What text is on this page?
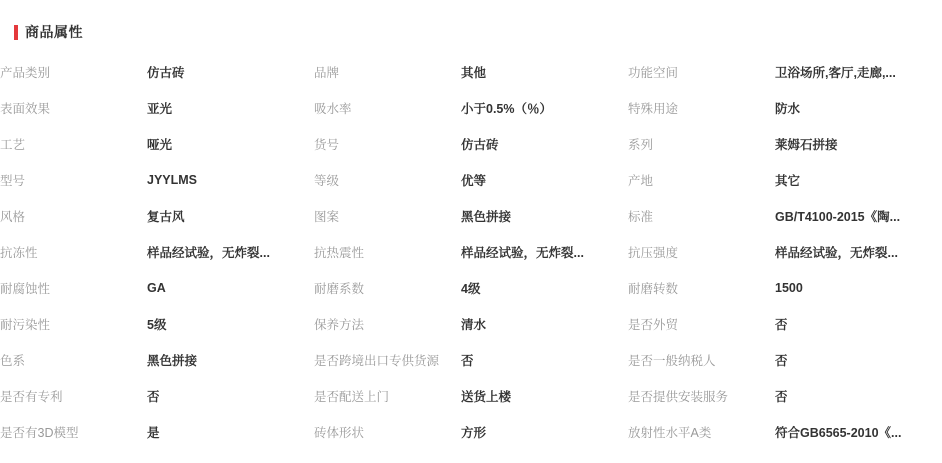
商品属性
产品类别	仿古砖	品牌	其他	功能空间	卫浴场所,客厅,走廊,...

表面效果	亚光	吸水率	小于0.5%（％）	特殊用途	防水

工艺	哑光	货号	仿古砖	系列	莱姆石拼接

型号	JYYLMS	等级	优等	产地	其它

风格	复古风	图案	黑色拼接	标准	GB/T4100-2015《陶...

抗冻性	样品经试验，无炸裂...	抗热震性	样品经试验，无炸裂...	抗压强度	样品经试验，无炸裂...

耐腐蚀性	GA	耐磨系数	4级	耐磨转数	1500

耐污染性	5级	保养方法	清水	是否外贸	否

色系	黑色拼接	是否跨境出口专供货源	否	是否一般纳税人	否

是否有专利	否	是否配送上门	送货上楼	是否提供安装服务	否

是否有3D模型	是	砖体形状	方形	放射性水平A类	符合GB6565-2010《...
